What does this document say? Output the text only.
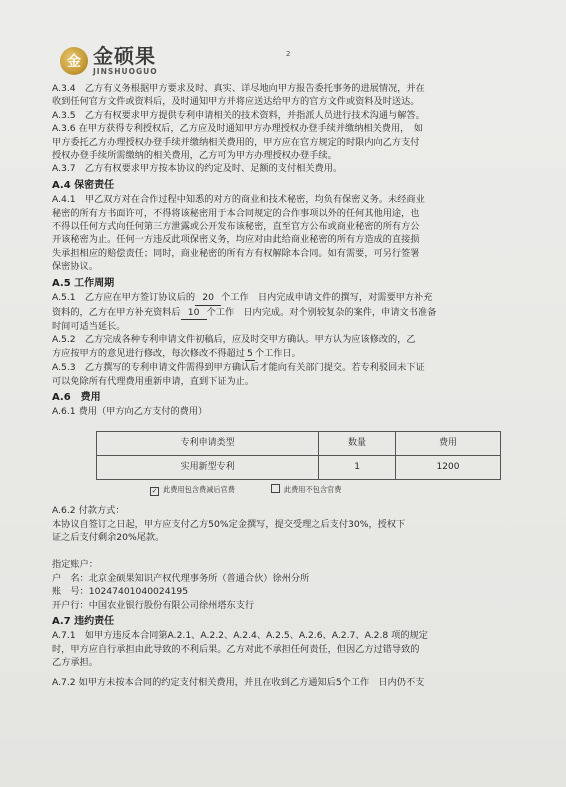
金 金硕果
JINSHUOGUO
2

A.3.4　乙方有义务根据甲方要求及时、真实、详尽地向甲方报告委托事务的进展情况，并在

收到任何官方文件或资料后，及时通知甲方并将应送达给甲方的官方文件或资料及时送达。

A.3.5　乙方有权要求甲方提供专利申请相关的技术资料，并指派人员进行技术沟通与解答。

A.3.6 在甲方获得专利授权后，乙方应及时通知甲方办理授权办登手续并缴纳相关费用，　如

甲方委托乙方办理授权办登手续并缴纳相关费用的，甲方应在官方规定的时限内向乙方支付

授权办登手续所需缴纳的相关费用，乙方可为甲方办理授权办登手续。

A.3.7　乙方有权要求甲方按本协议的约定及时、足额的支付相关费用。

A.4 保密责任

A.4.1　甲乙双方对在合作过程中知悉的对方的商业和技术秘密，均负有保密义务。未经商业

秘密的所有方书面许可，不得将该秘密用于本合同规定的合作事项以外的任何其他用途，也

不得以任何方式向任何第三方泄露或公开发布该秘密，直至官方公布或商业秘密的所有方公

开该秘密为止。任何一方违反此项保密义务，均应对由此给商业秘密的所有方造成的直接损

失承担相应的赔偿责任；同时，商业秘密的所有方有权解除本合同。如有需要，可另行签署

保密协议。

A.5 工作周期

A.5.1　乙方应在甲方签订协议后的 20 个工作　日内完成申请文件的撰写，对需要甲方补充

资料的，乙方在甲方补充资料后 10 个工作　日内完成。对个别较复杂的案件，申请文书准备

时间可适当延长。

A.5.2　乙方完成各种专利申请文件初稿后，应及时交甲方确认。甲方认为应该修改的，乙

方应按甲方的意见进行修改，每次修改不得超过 5 个工作日。

A.5.3　乙方撰写的专利申请文件需得到甲方确认后才能向有关部门提交。若专利驳回未下证

可以免除所有代理费用重新申请，直到下证为止。

A.6　费用

A.6.1 费用（甲方向乙方支付的费用）

专利申请类型	数量	费用
实用新型专利	1	1200
✓ 此费用包含费减后官费	此费用不包含官费

A.6.2 付款方式：

本协议自签订之日起，甲方应支付乙方50%定金撰写，提交受理之后支付30%，授权下

证之后支付剩余20%尾款。

指定账户：

户　名：北京金硕果知识产权代理事务所（普通合伙）徐州分所

账　号：10247401040024195

开户行：中国农业银行股份有限公司徐州塔东支行

A.7 违约责任

A.7.1　如甲方违反本合同第A.2.1、A.2.2、A.2.4、A.2.5、A.2.6、A.2.7、A.2.8 项的规定

时，甲方应自行承担由此导致的不利后果。乙方对此不承担任何责任，但因乙方过错导致的

乙方承担。

A.7.2 如甲方未按本合同的约定支付相关费用，并且在收到乙方通知后5个工作　日内仍不支
